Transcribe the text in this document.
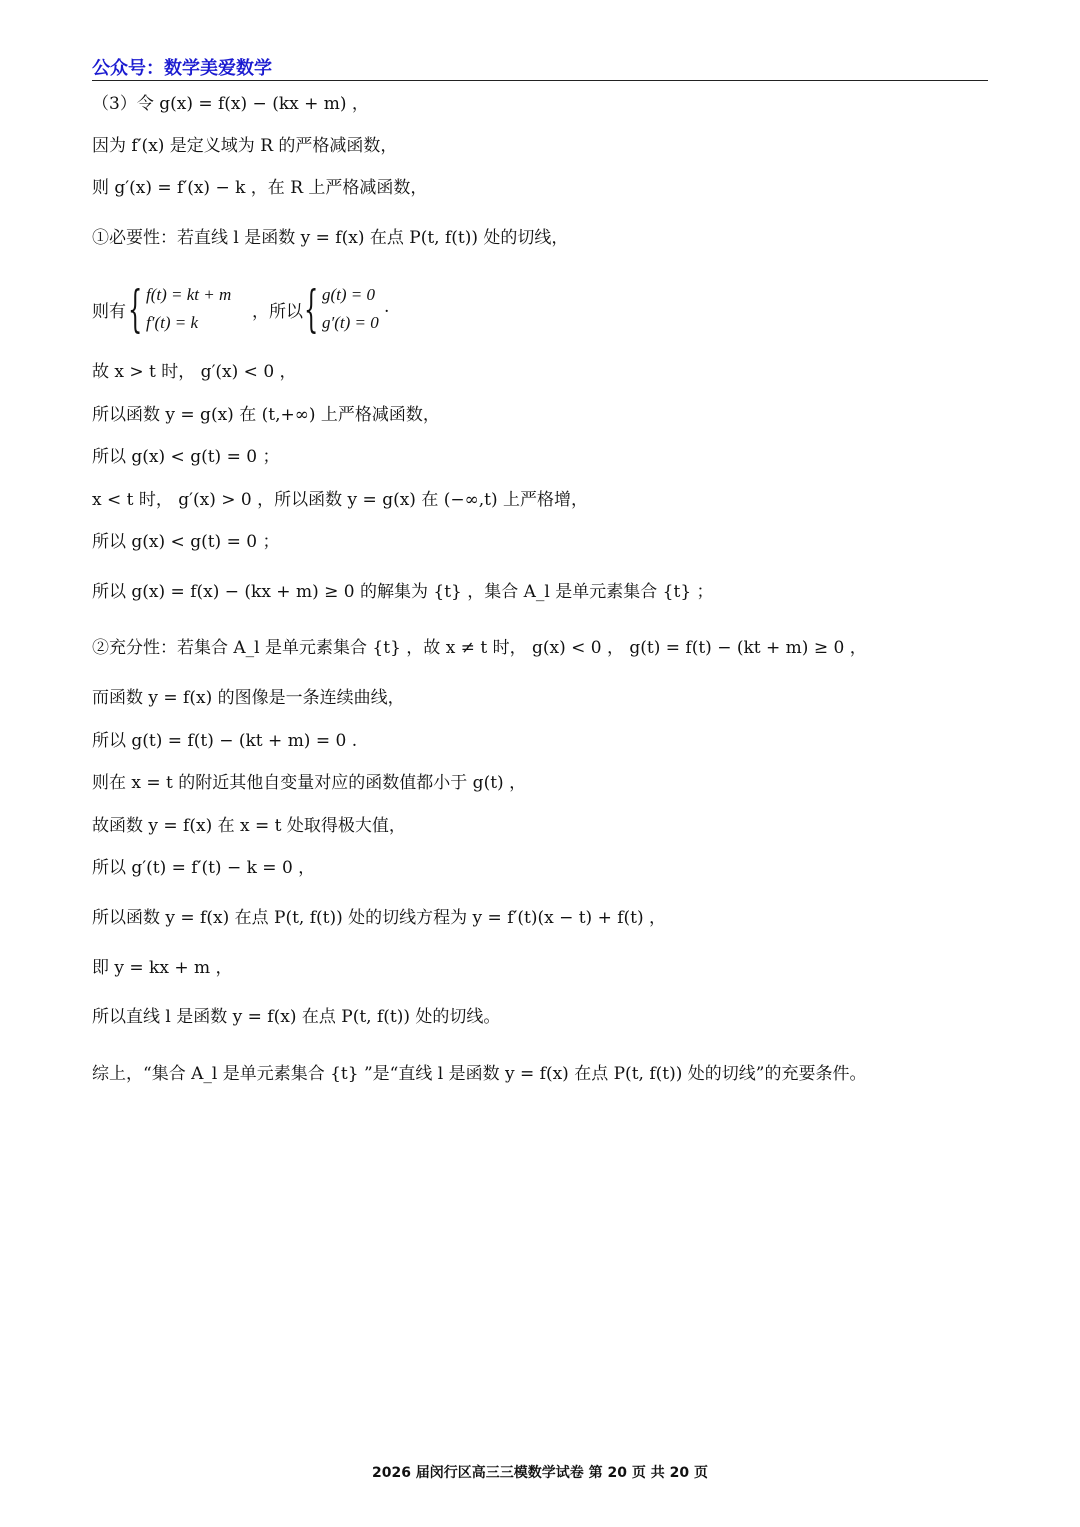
公众号：数学美爱数学
（3）令 g(x) = f(x) − (kx + m) ，
因为 f′(x) 是定义域为 R 的严格减函数，
则 g′(x) = f′(x) − k ，在 R 上严格减函数，
①必要性：若直线 l 是函数 y = f(x) 在点 P(t, f(t)) 处的切线，
则有 { f(t) = kt + m
f′(t) = k
，所以 { g(t) = 0
g′(t) = 0
.
故 x > t 时， g′(x) < 0 ，
所以函数 y = g(x) 在 (t,+∞) 上严格减函数，
所以 g(x) < g(t) = 0 ；
x < t 时， g′(x) > 0 ，所以函数 y = g(x) 在 (−∞,t) 上严格增，
所以 g(x) < g(t) = 0 ；
所以 g(x) = f(x) − (kx + m) ≥ 0 的解集为 {t} ，集合 A_l 是单元素集合 {t} ；
②充分性：若集合 A_l 是单元素集合 {t} ，故 x ≠ t 时， g(x) < 0 ， g(t) = f(t) − (kt + m) ≥ 0 ，
而函数 y = f(x) 的图像是一条连续曲线，
所以 g(t) = f(t) − (kt + m) = 0 .
则在 x = t 的附近其他自变量对应的函数值都小于 g(t) ，
故函数 y = f(x) 在 x = t 处取得极大值，
所以 g′(t) = f′(t) − k = 0 ，
所以函数 y = f(x) 在点 P(t, f(t)) 处的切线方程为 y = f′(t)(x − t) + f(t) ，
即 y = kx + m ，
所以直线 l 是函数 y = f(x) 在点 P(t, f(t)) 处的切线。
综上，“集合 A_l 是单元素集合 {t} ”是“直线 l 是函数 y = f(x) 在点 P(t, f(t)) 处的切线”的充要条件。
2026 届闵行区高三三模数学试卷 第 20 页 共 20 页
